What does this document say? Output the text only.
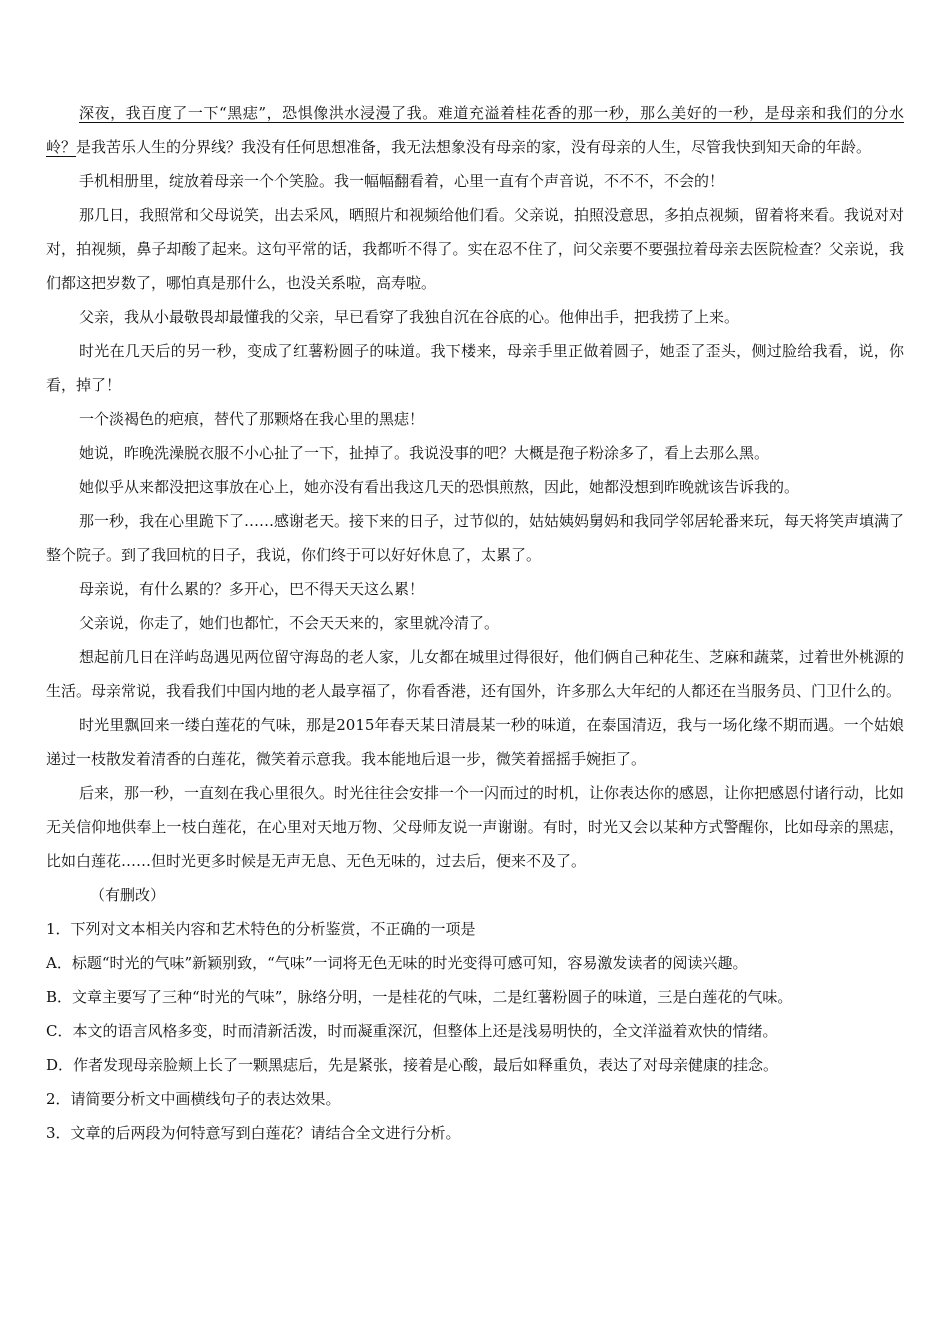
深夜，我百度了一下“黑痣”，恐惧像洪水浸漫了我。难道充溢着桂花香的那一秒，那么美好的一秒，是母亲和我们的分水岭？是我苦乐人生的分界线？我没有任何思想准备，我无法想象没有母亲的家，没有母亲的人生，尽管我快到知天命的年龄。

手机相册里，绽放着母亲一个个笑脸。我一幅幅翻看着，心里一直有个声音说，不不不，不会的！

那几日，我照常和父母说笑，出去采风，晒照片和视频给他们看。父亲说，拍照没意思，多拍点视频，留着将来看。我说对对对，拍视频，鼻子却酸了起来。这句平常的话，我都听不得了。实在忍不住了，问父亲要不要强拉着母亲去医院检查？父亲说，我们都这把岁数了，哪怕真是那什么，也没关系啦，高寿啦。

父亲，我从小最敬畏却最懂我的父亲，早已看穿了我独自沉在谷底的心。他伸出手，把我捞了上来。

时光在几天后的另一秒，变成了红薯粉圆子的味道。我下楼来，母亲手里正做着圆子，她歪了歪头，侧过脸给我看，说，你看，掉了！

一个淡褐色的疤痕，替代了那颗烙在我心里的黑痣！

她说，昨晚洗澡脱衣服不小心扯了一下，扯掉了。我说没事的吧？大概是孢子粉涂多了，看上去那么黑。

她似乎从来都没把这事放在心上，她亦没有看出我这几天的恐惧煎熬，因此，她都没想到昨晚就该告诉我的。

那一秒，我在心里跪下了……感谢老天。接下来的日子，过节似的，姑姑姨妈舅妈和我同学邻居轮番来玩，每天将笑声填满了整个院子。到了我回杭的日子，我说，你们终于可以好好休息了，太累了。

母亲说，有什么累的？多开心，巴不得天天这么累！

父亲说，你走了，她们也都忙，不会天天来的，家里就冷清了。

想起前几日在洋屿岛遇见两位留守海岛的老人家，儿女都在城里过得很好，他们俩自己种花生、芝麻和蔬菜，过着世外桃源的生活。母亲常说，我看我们中国内地的老人最享福了，你看香港，还有国外，许多那么大年纪的人都还在当服务员、门卫什么的。

时光里飘回来一缕白莲花的气味，那是2015年春天某日清晨某一秒的味道，在泰国清迈，我与一场化缘不期而遇。一个姑娘递过一枝散发着清香的白莲花，微笑着示意我。我本能地后退一步，微笑着摇摇手婉拒了。

后来，那一秒，一直刻在我心里很久。时光往往会安排一个一闪而过的时机，让你表达你的感恩，让你把感恩付诸行动，比如无关信仰地供奉上一枝白莲花，在心里对天地万物、父母师友说一声谢谢。有时，时光又会以某种方式警醒你，比如母亲的黑痣，比如白莲花……但时光更多时候是无声无息、无色无味的，过去后，便来不及了。

（有删改）

1．下列对文本相关内容和艺术特色的分析鉴赏，不正确的一项是

A．标题“时光的气味”新颖别致，“气味”一词将无色无味的时光变得可感可知，容易激发读者的阅读兴趣。

B．文章主要写了三种“时光的气味”，脉络分明，一是桂花的气味，二是红薯粉圆子的味道，三是白莲花的气味。

C．本文的语言风格多变，时而清新活泼，时而凝重深沉，但整体上还是浅易明快的，全文洋溢着欢快的情绪。

D．作者发现母亲脸颊上长了一颗黑痣后，先是紧张，接着是心酸，最后如释重负，表达了对母亲健康的挂念。

2．请简要分析文中画横线句子的表达效果。

3．文章的后两段为何特意写到白莲花？请结合全文进行分析。
